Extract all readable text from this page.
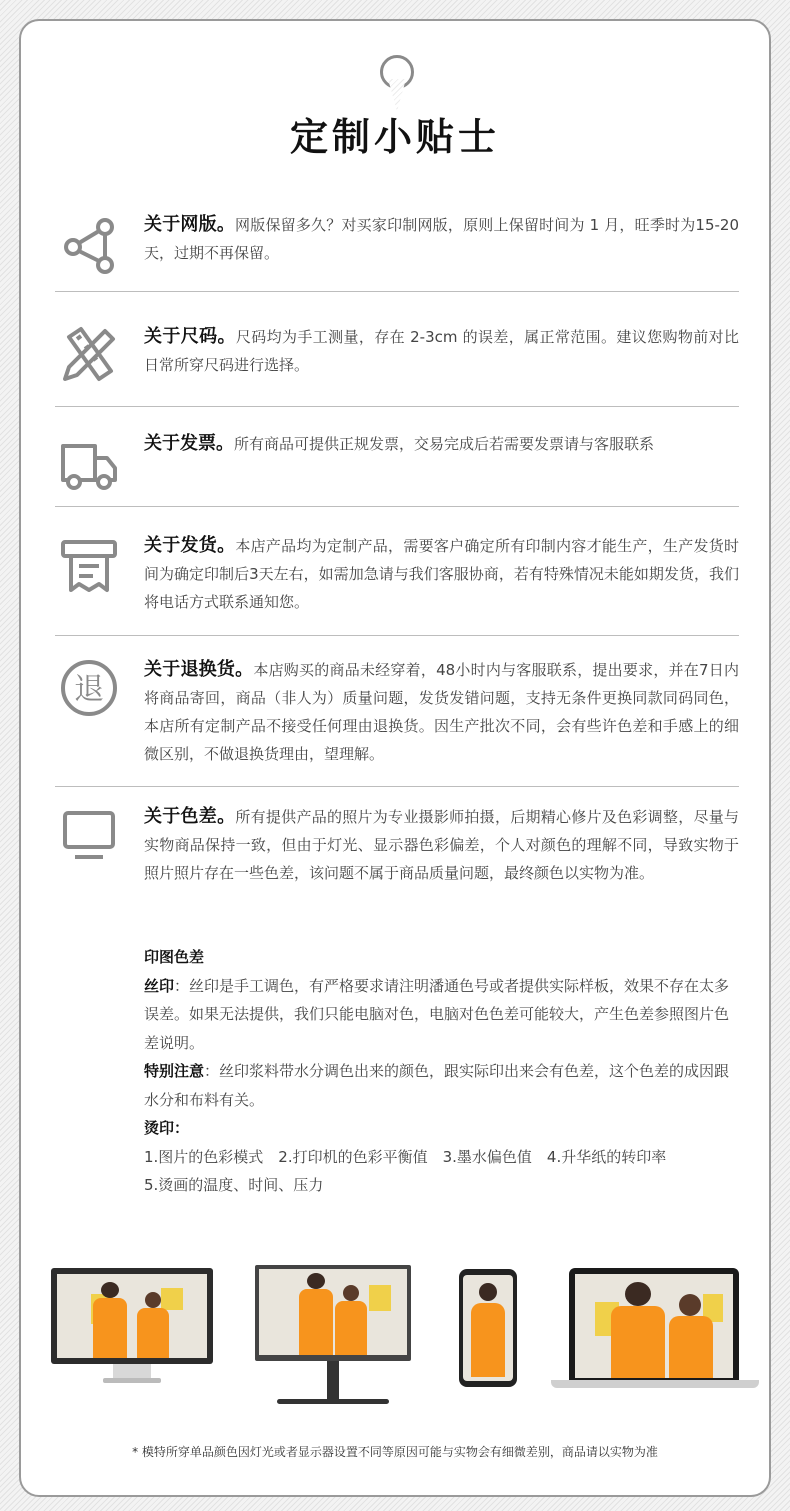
定制小贴士
关于网版。网版保留多久？对买家印制网版，原则上保留时间为 1 月，旺季时为15-20天，过期不再保留。
关于尺码。尺码均为手工测量，存在 2-3cm 的误差，属正常范围。建议您购物前对比日常所穿尺码进行选择。
关于发票。所有商品可提供正规发票，交易完成后若需要发票请与客服联系
关于发货。本店产品均为定制产品，需要客户确定所有印制内容才能生产，生产发货时间为确定印制后3天左右，如需加急请与我们客服协商，若有特殊情况未能如期发货，我们将电话方式联系通知您。
退
关于退换货。本店购买的商品未经穿着，48小时内与客服联系，提出要求，并在7日内将商品寄回，商品（非人为）质量问题，发货发错问题，支持无条件更换同款同码同色，本店所有定制产品不接受任何理由退换货。因生产批次不同，会有些许色差和手感上的细微区别，不做退换货理由，望理解。
关于色差。所有提供产品的照片为专业摄影师拍摄，后期精心修片及色彩调整，尽量与实物商品保持一致，但由于灯光、显示器色彩偏差，个人对颜色的理解不同，导致实物于照片照片存在一些色差，该问题不属于商品质量问题，最终颜色以实物为准。
印图色差
丝印：丝印是手工调色，有严格要求请注明潘通色号或者提供实际样板，效果不存在太多误差。如果无法提供，我们只能电脑对色，电脑对色色差可能较大，产生色差参照图片色差说明。
特别注意：丝印浆料带水分调色出来的颜色，跟实际印出来会有色差，这个色差的成因跟水分和布料有关。
烫印：
1.图片的色彩模式　2.打印机的色彩平衡值　3.墨水偏色值　4.升华纸的转印率
5.烫画的温度、时间、压力
* 模特所穿单品颜色因灯光或者显示器设置不同等原因可能与实物会有细微差别，商品请以实物为准
